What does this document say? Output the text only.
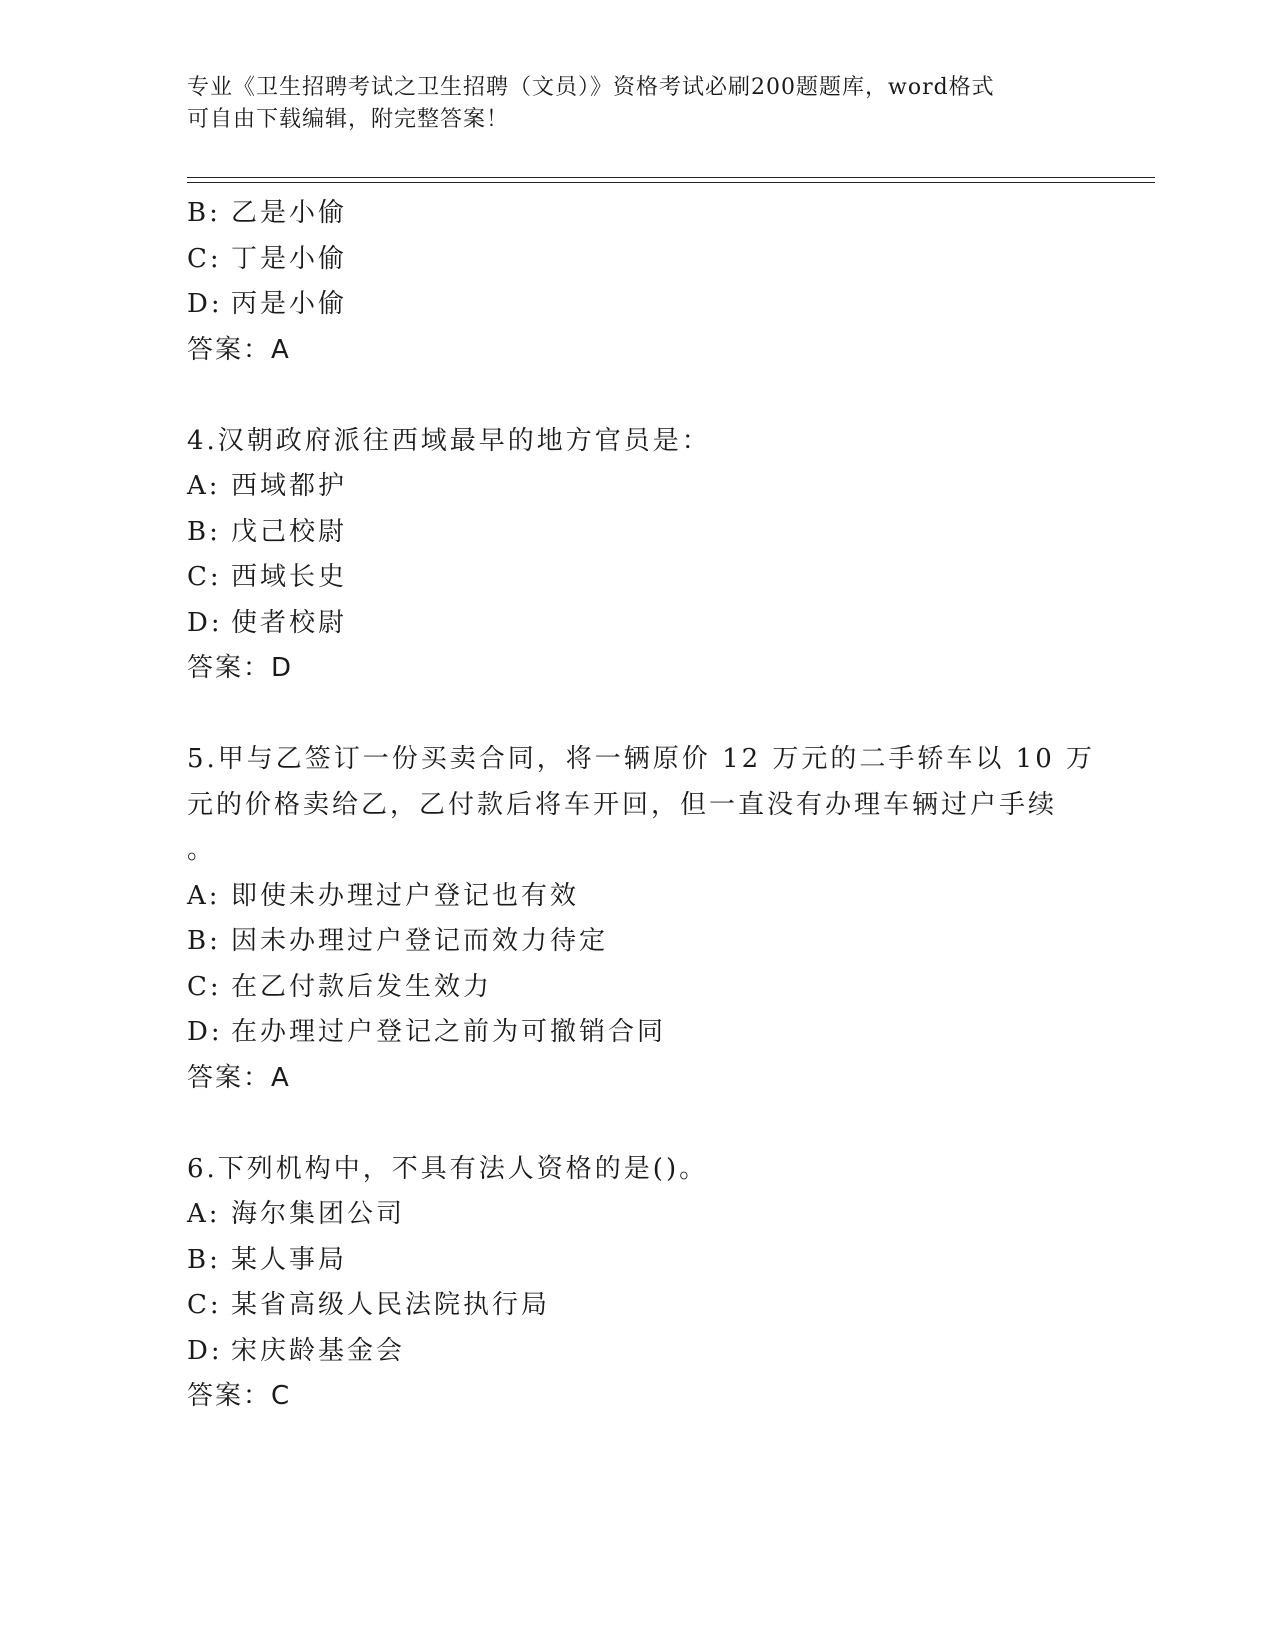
专业《卫生招聘考试之卫生招聘（文员）》资格考试必刷200题题库，word格式
可自由下载编辑，附完整答案！
B: 乙是小偷
C: 丁是小偷
D: 丙是小偷
答案：A
4.汉朝政府派往西域最早的地方官员是：
A: 西域都护
B: 戊己校尉
C: 西域长史
D: 使者校尉
答案：D
5.甲与乙签订一份买卖合同，将一辆原价 12 万元的二手轿车以 10 万
元的价格卖给乙，乙付款后将车开回，但一直没有办理车辆过户手续
。
A: 即使未办理过户登记也有效
B: 因未办理过户登记而效力待定
C: 在乙付款后发生效力
D: 在办理过户登记之前为可撤销合同
答案：A
6.下列机构中，不具有法人资格的是()。
A: 海尔集团公司
B: 某人事局
C: 某省高级人民法院执行局
D: 宋庆龄基金会
答案：C
